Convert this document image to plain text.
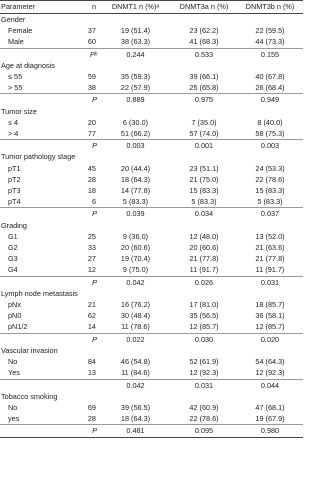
Parameter	n	DNMT1 n (%)ᵃ	DNMT3a n (%)	DNMT3b n (%)
Gender				
Female	37	19 (51.4)	23 (62.2)	22 (59.5)
Male	60	38 (63.3)	41 (68.3)	44 (73.3)
	Pᵇ	0.244	0.533	0.155
Age at diagnosis				
≤ 55	59	35 (59.3)	39 (66.1)	40 (67.8)
> 55	38	22 (57.9)	25 (65.8)	26 (68.4)
	P	0.889	0.975	0.949
Tumor size				
≤ 4	20	6 (30.0)	7 (35.0)	8 (40.0)
> 4	77	51 (66.2)	57 (74.0)	58 (75.3)
	P	0.003	0.001	0.003
Tumor pathology stage				
pT1	45	20 (44.4)	23 (51.1)	24 (53.3)
pT2	28	18 (64.3)	21 (75.0)	22 (78.6)
pT3	18	14 (77.8)	15 (83.3)	15 (83.3)
pT4	6	5 (83.3)	5 (83.3)	5 (83.3)
	P	0.039	0.034	0.037
Grading				
G1	25	9 (36.0)	12 (48.0)	13 (52.0)
G2	33	20 (60.6)	20 (60.6)	21 (63.6)
G3	27	19 (70.4)	21 (77.8)	21 (77.8)
G4	12	9 (75.0)	11 (91.7)	11 (91.7)
	P	0.042	0.026	0.031
Lymph node metastasis				
pNx	21	16 (76.2)	17 (81.0)	18 (85.7)
pN0	62	30 (48.4)	35 (56.5)	36 (58.1)
pN1/2	14	11 (78.6)	12 (85.7)	12 (85.7)
	P	0.022	0.030	0.020
Vascular invasion				
No	84	46 (54.8)	52 (61.9)	54 (64.3)
Yes	13	11 (84.6)	12 (92.3)	12 (92.3)
		0.042	0.031	0.044
Tobacco smoking				
No	69	39 (56.5)	42 (60.9)	47 (68.1)
yes	28	18 (64.3)	22 (78.6)	19 (67.9)
	P	0.481	0.095	0.980
